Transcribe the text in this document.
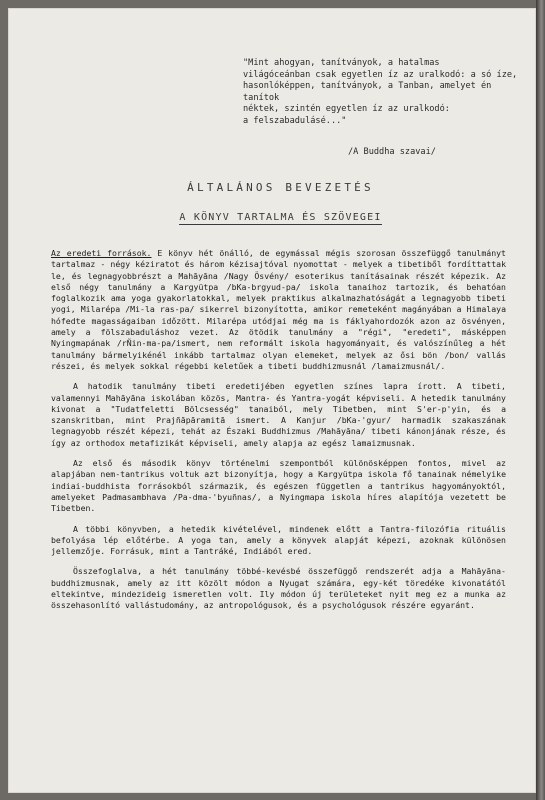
"Mint ahogyan, tanítványok, a hatalmas
világóceánban csak egyetlen íz az uralkodó: a só íze, hasonlóképpen, tanítványok, a Tanban, amelyet én tanítok
néktek, szintén egyetlen íz az uralkodó:
a felszabadulásé..."
/A Buddha szavai/
ÁLTALÁNOS BEVEZETÉS
A KÖNYV TARTALMA ÉS SZÖVEGEI

Az eredeti források. E könyv hét önálló, de egymással mégis szorosan összefüggő tanulmányt tartalmaz - négy kéziratot és három kézisajtóval nyomottat - melyek a tibetiből fordíttattak le, és legnagyobbrészt a Mahāyāna /Nagy Ösvény/ esoterikus tanításainak részét képezik. Az első négy tanulmány a Kargyütpa /bKa-brgyud-pa/ iskola tanaihoz tartozik, és behatóan foglalkozik ama yoga gyakorlatokkal, melyek praktikus alkalmazhatóságát a legnagyobb tibeti yogi, Milarépa /Mi-la ras-pa/ sikerrel bizonyította, amikor remeteként magányában a Himalaya hófedte magasságaiban időzött. Milarépa utódjai még ma is fáklyahordozók azon az ösvényen, amely a fölszabaduláshoz vezet. Az ötödik tanulmány a "régi", "eredeti", másképpen Nyingmapának /rÑin-ma-pa/ismert, nem reformált iskola hagyományait, és valószínűleg a hét tanulmány bármelyikénél inkább tartalmaz olyan elemeket, melyek az ősi bön /bon/ vallás részei, és melyek sokkal régebbi keletűek a tibeti buddhizmusnál /lamaizmusnál/.

A hatodik tanulmány tibeti eredetijében egyetlen színes lapra írott. A tibeti, valamennyi Mahāyāna iskolában közös, Mantra- és Yantra-yogát képviseli. A hetedik tanulmány kivonat a "Tudatfeletti Bölcsesség" tanaiból, mely Tibetben, mint S'er-p'yin, és a szanskritban, mint Prajñāpāramitā ismert. A Kanjur /bKa-'gyur/ harmadik szakaszának legnagyobb részét képezi, tehát az Északi Buddhizmus /Mahāyāna/ tibeti kánonjának része, és így az orthodox metafizikát képviseli, amely alapja az egész lamaizmusnak.

Az első és második könyv történelmi szempontból különösképpen fontos, mivel az alapjában nem-tantrikus voltuk azt bizonyítja, hogy a Kargyütpa iskola fő tanainak némelyike indiai-buddhista forrásokból származik, és egészen független a tantrikus hagyományoktól, amelyeket Padmasambhava /Pa-dma-'byuñnas/, a Nyingmapa iskola híres alapítója vezetett be Tibetben.

A többi könyvben, a hetedik kivételével, mindenek előtt a Tantra-filozófia rituális befolyása lép előtérbe. A yoga tan, amely a könyvek alapját képezi, azoknak különösen jellemzője. Forrásuk, mint a Tantráké, Indiából ered.

Összefoglalva, a hét tanulmány többé-kevésbé összefüggő rendszerét adja a Mahāyāna-buddhizmusnak, amely az itt közölt módon a Nyugat számára, egy-két töredéke kivonatától eltekintve, mindezideig ismeretlen volt. Ily módon új területeket nyit meg ez a munka az összehasonlító vallástudomány, az antropológusok, és a psychológusok részére egyaránt.
